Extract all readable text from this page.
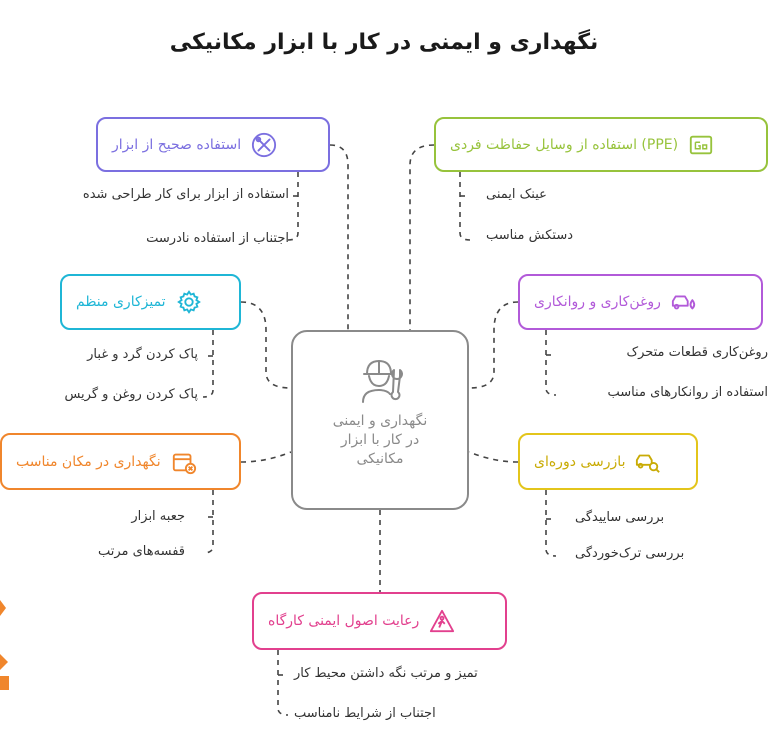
نگهداری و ایمنی در کار با ابزار مکانیکی
نگهداری و ایمنی
در کار با ابزار
مکانیکی
استفاده صحیح از ابزار
استفاده از ابزار برای کار طراحی شده
اجتناب از استفاده نادرست
(PPE) استفاده از وسایل حفاظت فردی
عینک ایمنی
دستکش مناسب
تمیزکاری منظم
پاک کردن گرد و غبار
پاک کردن روغن و گریس
روغن‌کاری و روانکاری
روغن‌کاری قطعات متحرک
استفاده از روانکارهای مناسب
نگهداری در مکان مناسب
جعبه ابزار
قفسه‌های مرتب
بازرسی دوره‌ای
بررسی ساییدگی
بررسی ترک‌خوردگی
رعایت اصول ایمنی کارگاه
تمیز و مرتب نگه داشتن محیط کار
اجتناب از شرایط نامناسب
